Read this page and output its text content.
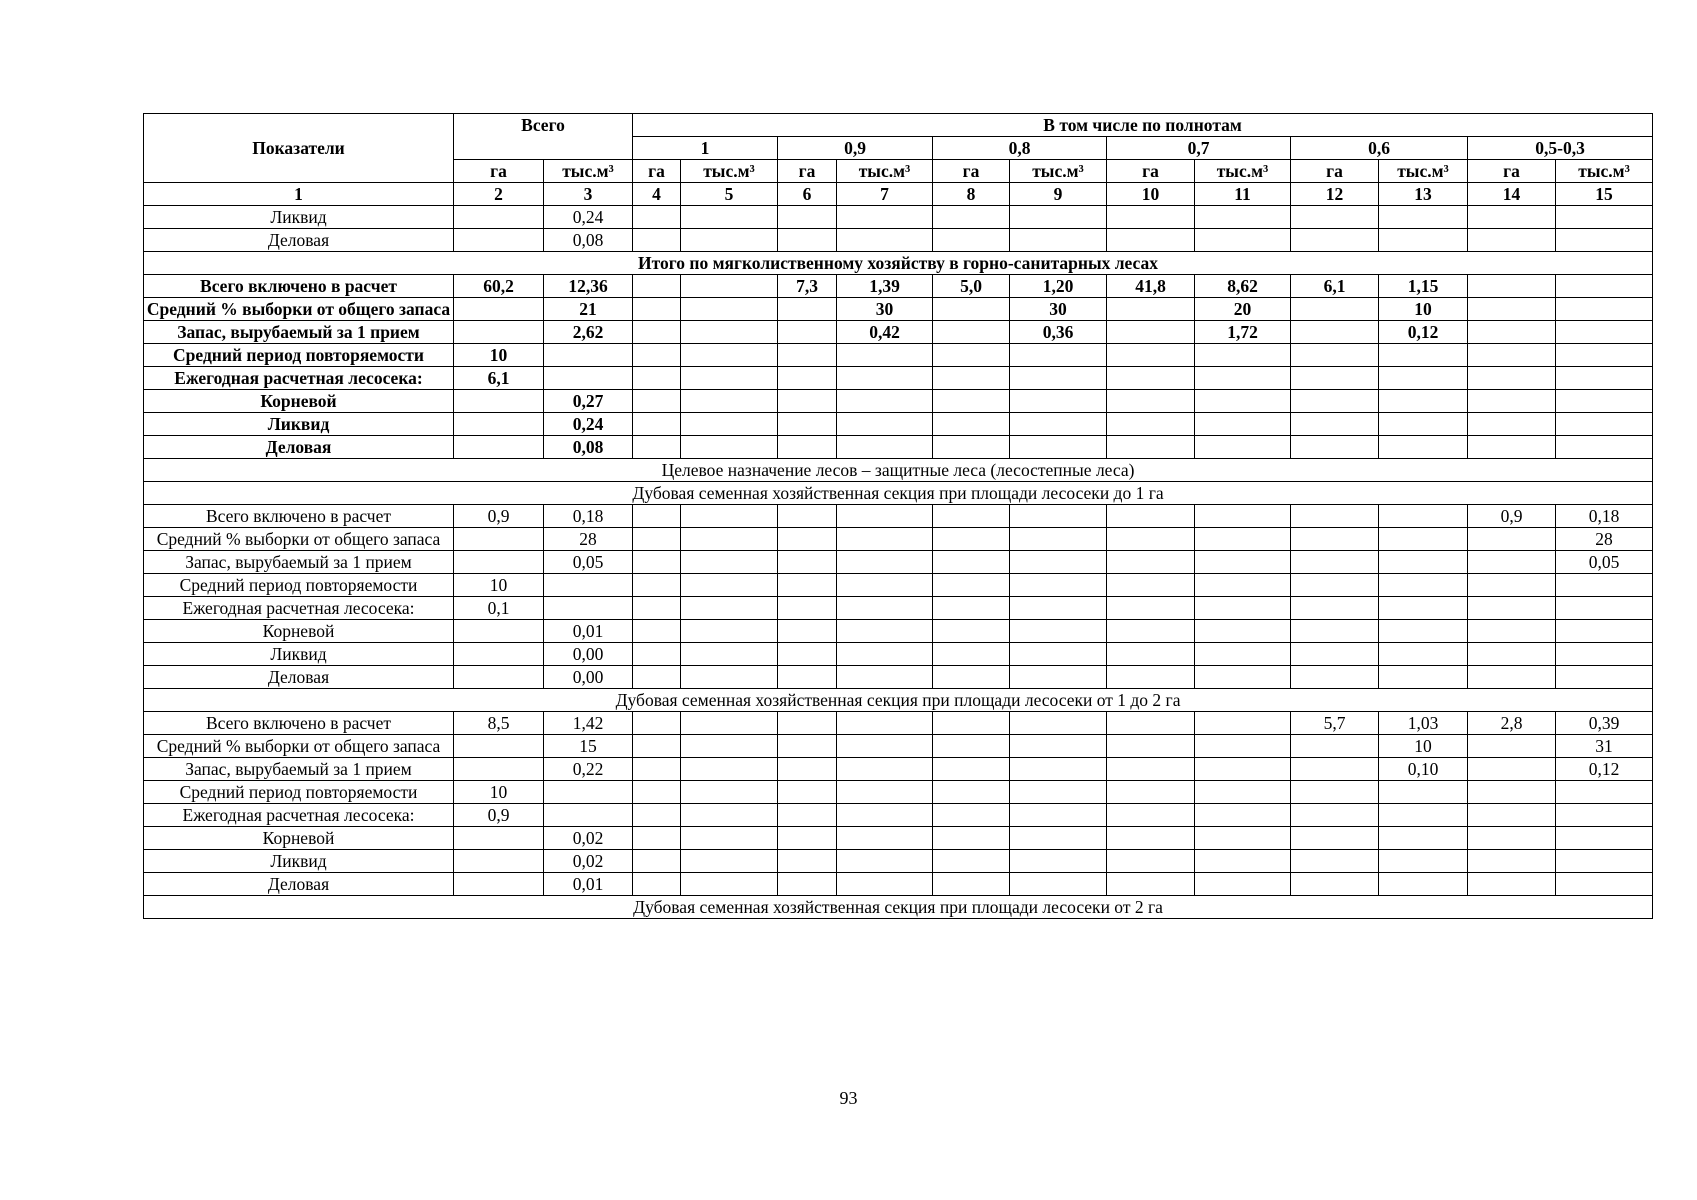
Показатели	Всего		В том числе по полнотам											
			1		0,9		0,8		0,7		0,6		0,5-0,3	
	га	тыс.м³	га	тыс.м³	га	тыс.м³	га	тыс.м³	га	тыс.м³	га	тыс.м³	га	тыс.м³
1	2	3	4	5	6	7	8	9	10	11	12	13	14	15
Ликвид		0,24												
Деловая		0,08												
Итого по мягколиственному хозяйству в горно-санитарных лесах														
Всего включено в расчет	60,2	12,36			7,3	1,39	5,0	1,20	41,8	8,62	6,1	1,15		
Средний % выборки от общего запаса		21				30		30		20		10		
Запас, вырубаемый за 1 прием		2,62				0,42		0,36		1,72		0,12		
Средний период повторяемости	10													
Ежегодная расчетная лесосека:	6,1													
Корневой		0,27												
Ликвид		0,24												
Деловая		0,08												
Целевое назначение лесов – защитные леса (лесостепные леса)														
Дубовая семенная хозяйственная секция при площади лесосеки до 1 га														
Всего включено в расчет	0,9	0,18											0,9	0,18
Средний % выборки от общего запаса		28												28
Запас, вырубаемый за 1 прием		0,05												0,05
Средний период повторяемости	10													
Ежегодная расчетная лесосека:	0,1													
Корневой		0,01												
Ликвид		0,00												
Деловая		0,00												
Дубовая семенная хозяйственная секция при площади лесосеки от 1 до 2 га														
Всего включено в расчет	8,5	1,42									5,7	1,03	2,8	0,39
Средний % выборки от общего запаса		15										10		31
Запас, вырубаемый за 1 прием		0,22										0,10		0,12
Средний период повторяемости	10													
Ежегодная расчетная лесосека:	0,9													
Корневой		0,02												
Ликвид		0,02												
Деловая		0,01												
Дубовая семенная хозяйственная секция при площади лесосеки от 2 га														
93
